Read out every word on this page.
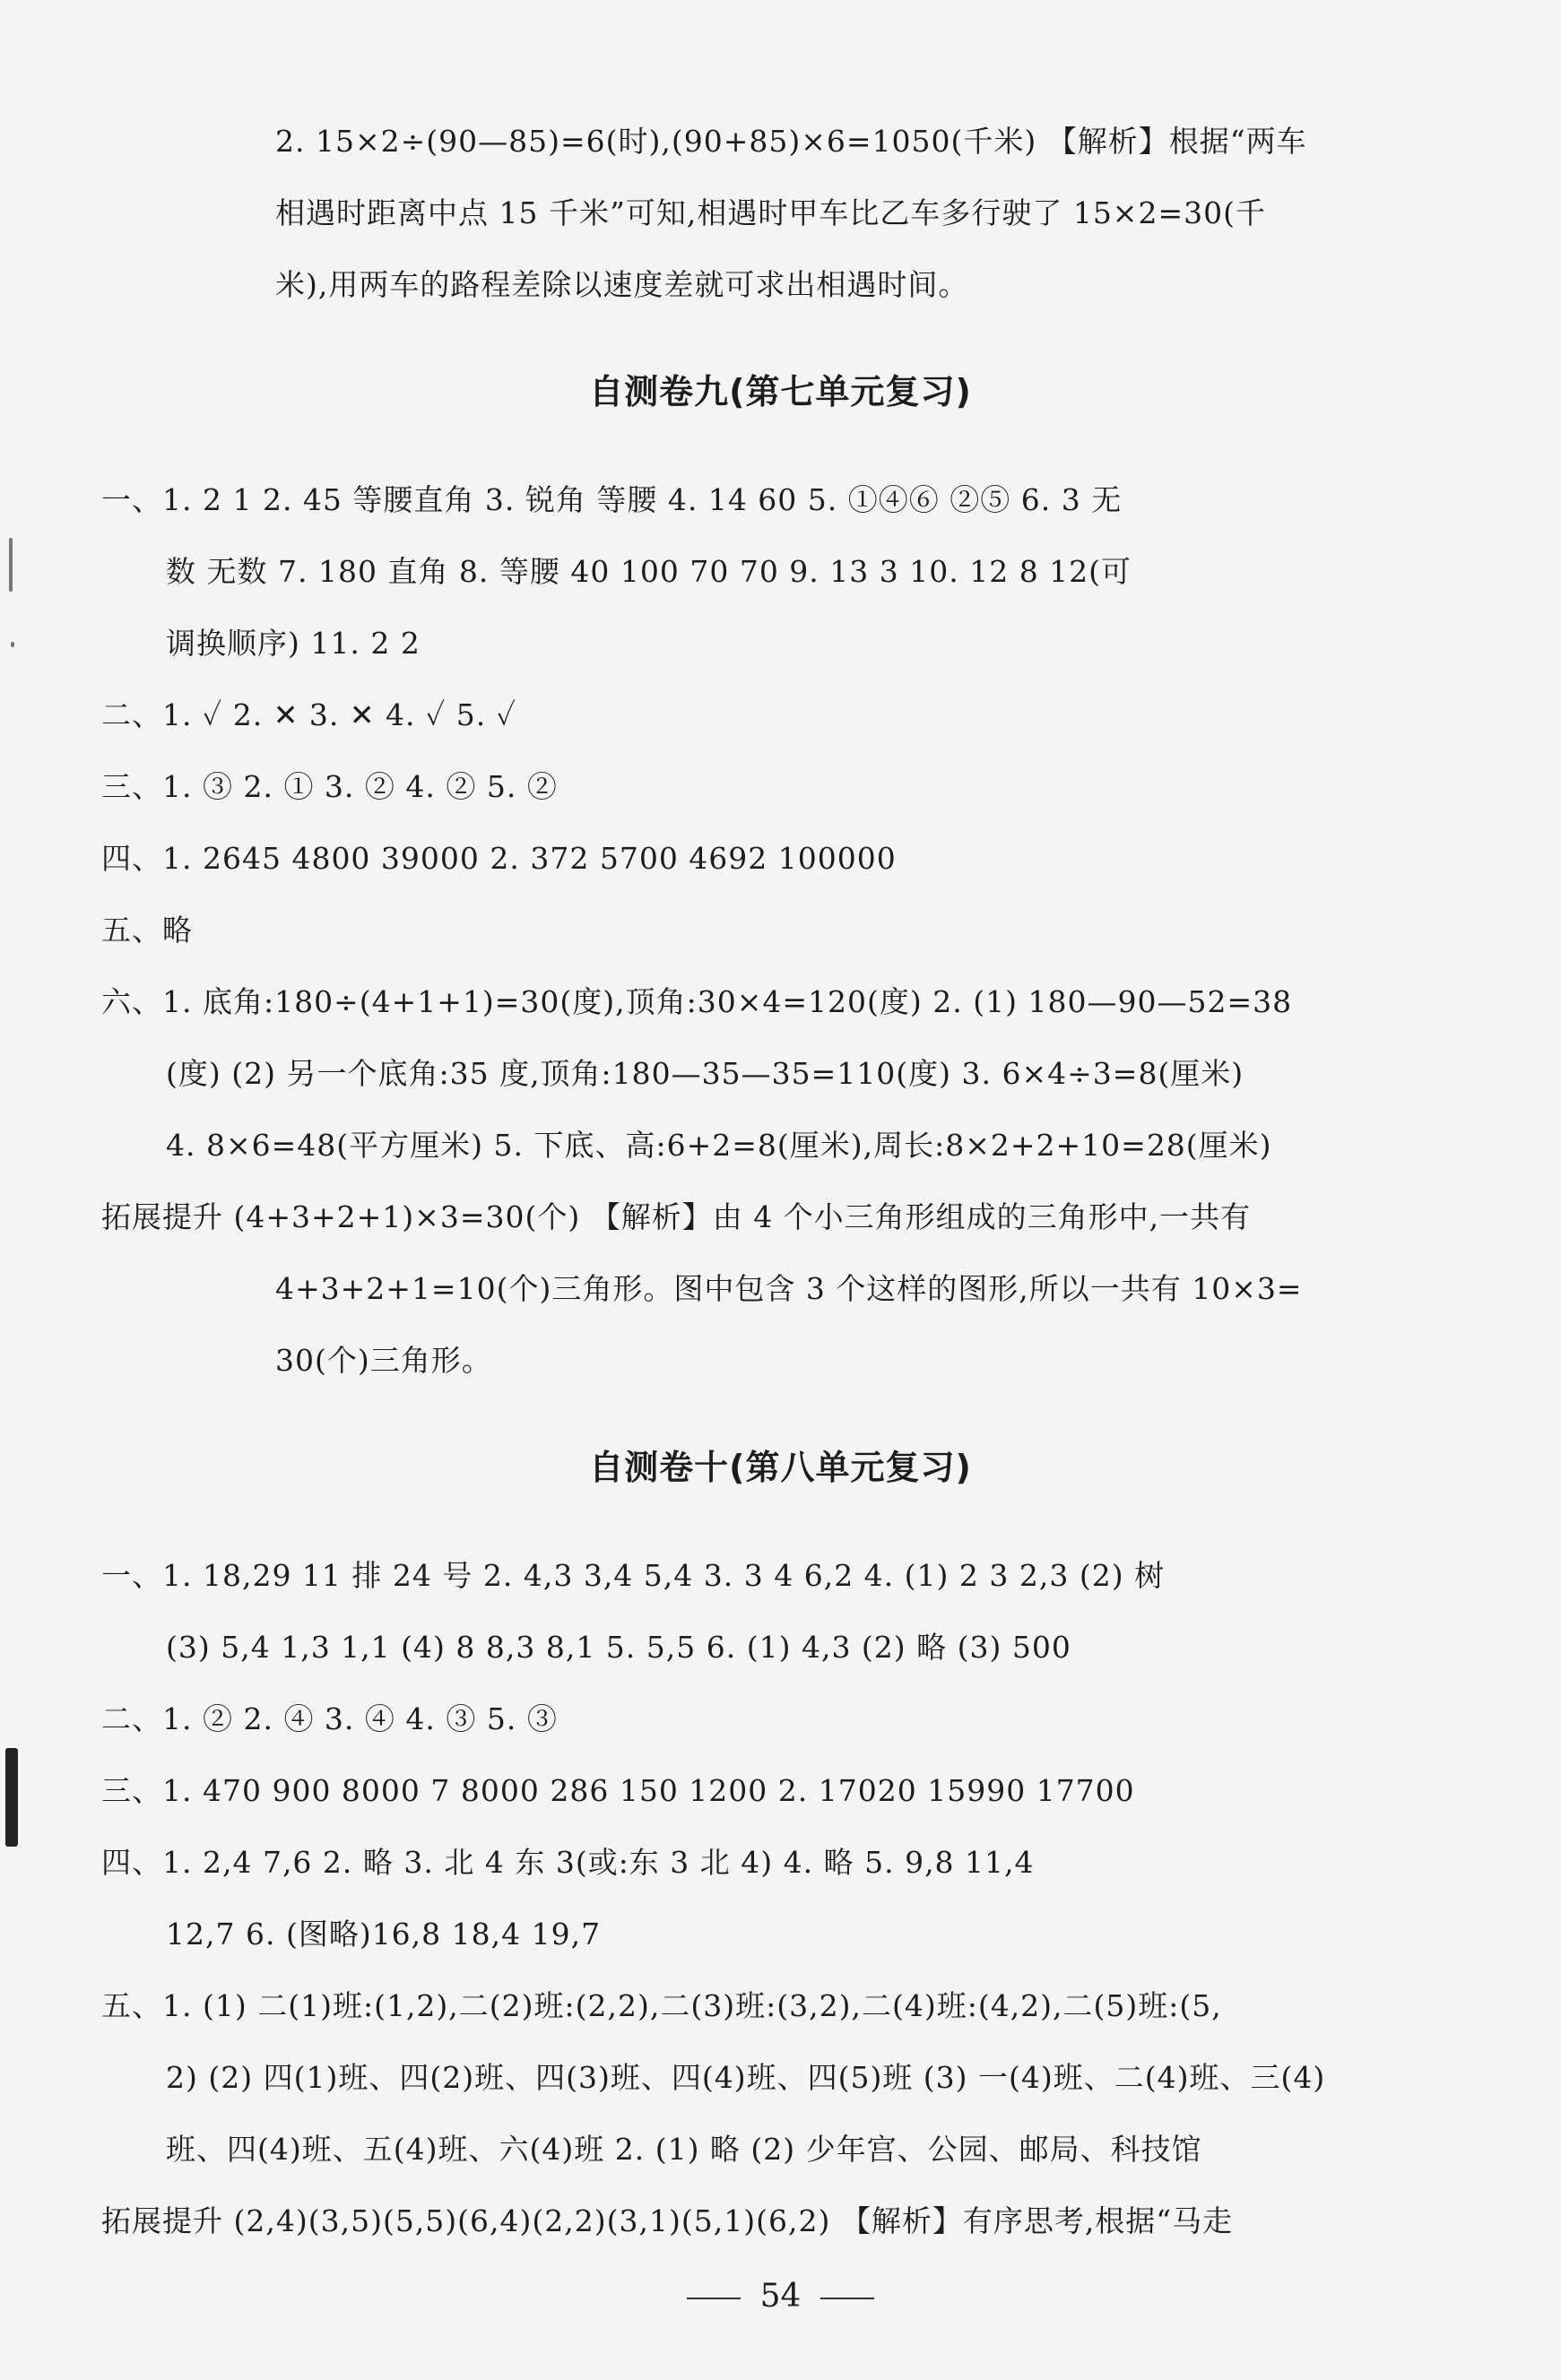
2. 15×2÷(90—85)=6(时),(90+85)×6=1050(千米) 【解析】根据“两车
相遇时距离中点 15 千米”可知,相遇时甲车比乙车多行驶了 15×2=30(千
米),用两车的路程差除以速度差就可求出相遇时间。
自测卷九(第七单元复习)
一、1. 2 1 2. 45 等腰直角 3. 锐角 等腰 4. 14 60 5. ①④⑥ ②⑤ 6. 3 无
数 无数 7. 180 直角 8. 等腰 40 100 70 70 9. 13 3 10. 12 8 12(可
调换顺序) 11. 2 2
二、1. ✓ 2. ✕ 3. ✕ 4. ✓ 5. ✓
三、1. ③ 2. ① 3. ② 4. ② 5. ②
四、1. 2645 4800 39000 2. 372 5700 4692 100000
五、略
六、1. 底角:180÷(4+1+1)=30(度),顶角:30×4=120(度) 2. (1) 180—90—52=38
(度) (2) 另一个底角:35 度,顶角:180—35—35=110(度) 3. 6×4÷3=8(厘米)
4. 8×6=48(平方厘米) 5. 下底、高:6+2=8(厘米),周长:8×2+2+10=28(厘米)
拓展提升 (4+3+2+1)×3=30(个) 【解析】由 4 个小三角形组成的三角形中,一共有
4+3+2+1=10(个)三角形。图中包含 3 个这样的图形,所以一共有 10×3=
30(个)三角形。
自测卷十(第八单元复习)
一、1. 18,29 11 排 24 号 2. 4,3 3,4 5,4 3. 3 4 6,2 4. (1) 2 3 2,3 (2) 树
(3) 5,4 1,3 1,1 (4) 8 8,3 8,1 5. 5,5 6. (1) 4,3 (2) 略 (3) 500
二、1. ② 2. ④ 3. ④ 4. ③ 5. ③
三、1. 470 900 8000 7 8000 286 150 1200 2. 17020 15990 17700
四、1. 2,4 7,6 2. 略 3. 北 4 东 3(或:东 3 北 4) 4. 略 5. 9,8 11,4
12,7 6. (图略)16,8 18,4 19,7
五、1. (1) 二(1)班:(1,2),二(2)班:(2,2),二(3)班:(3,2),二(4)班:(4,2),二(5)班:(5,
2) (2) 四(1)班、四(2)班、四(3)班、四(4)班、四(5)班 (3) 一(4)班、二(4)班、三(4)
班、四(4)班、五(4)班、六(4)班 2. (1) 略 (2) 少年宫、公园、邮局、科技馆
拓展提升 (2,4)(3,5)(5,5)(6,4)(2,2)(3,1)(5,1)(6,2) 【解析】有序思考,根据“马走
54
